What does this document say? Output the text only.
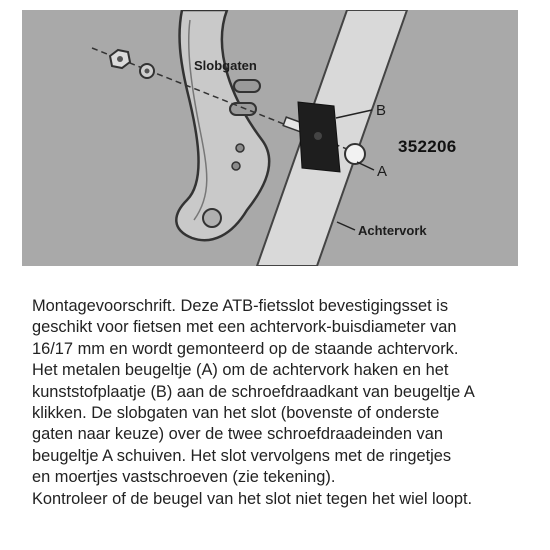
Slobgaten
B
A
Achtervork
352206
Montagevoorschrift. Deze ATB-fietsslot bevestigingsset is
geschikt voor fietsen met een achtervork-buisdiameter van
16/17 mm en wordt gemonteerd op de staande achtervork.
Het metalen beugeltje (A) om de achtervork haken en het
kunststofplaatje (B) aan de schroefdraadkant van beugeltje A
klikken. De slobgaten van het slot (bovenste of onderste
gaten naar keuze) over de twee schroefdraadeinden van
beugeltje A schuiven. Het slot vervolgens met de ringetjes
en moertjes vastschroeven (zie tekening).
Kontroleer of de beugel van het slot niet tegen het wiel loopt.
